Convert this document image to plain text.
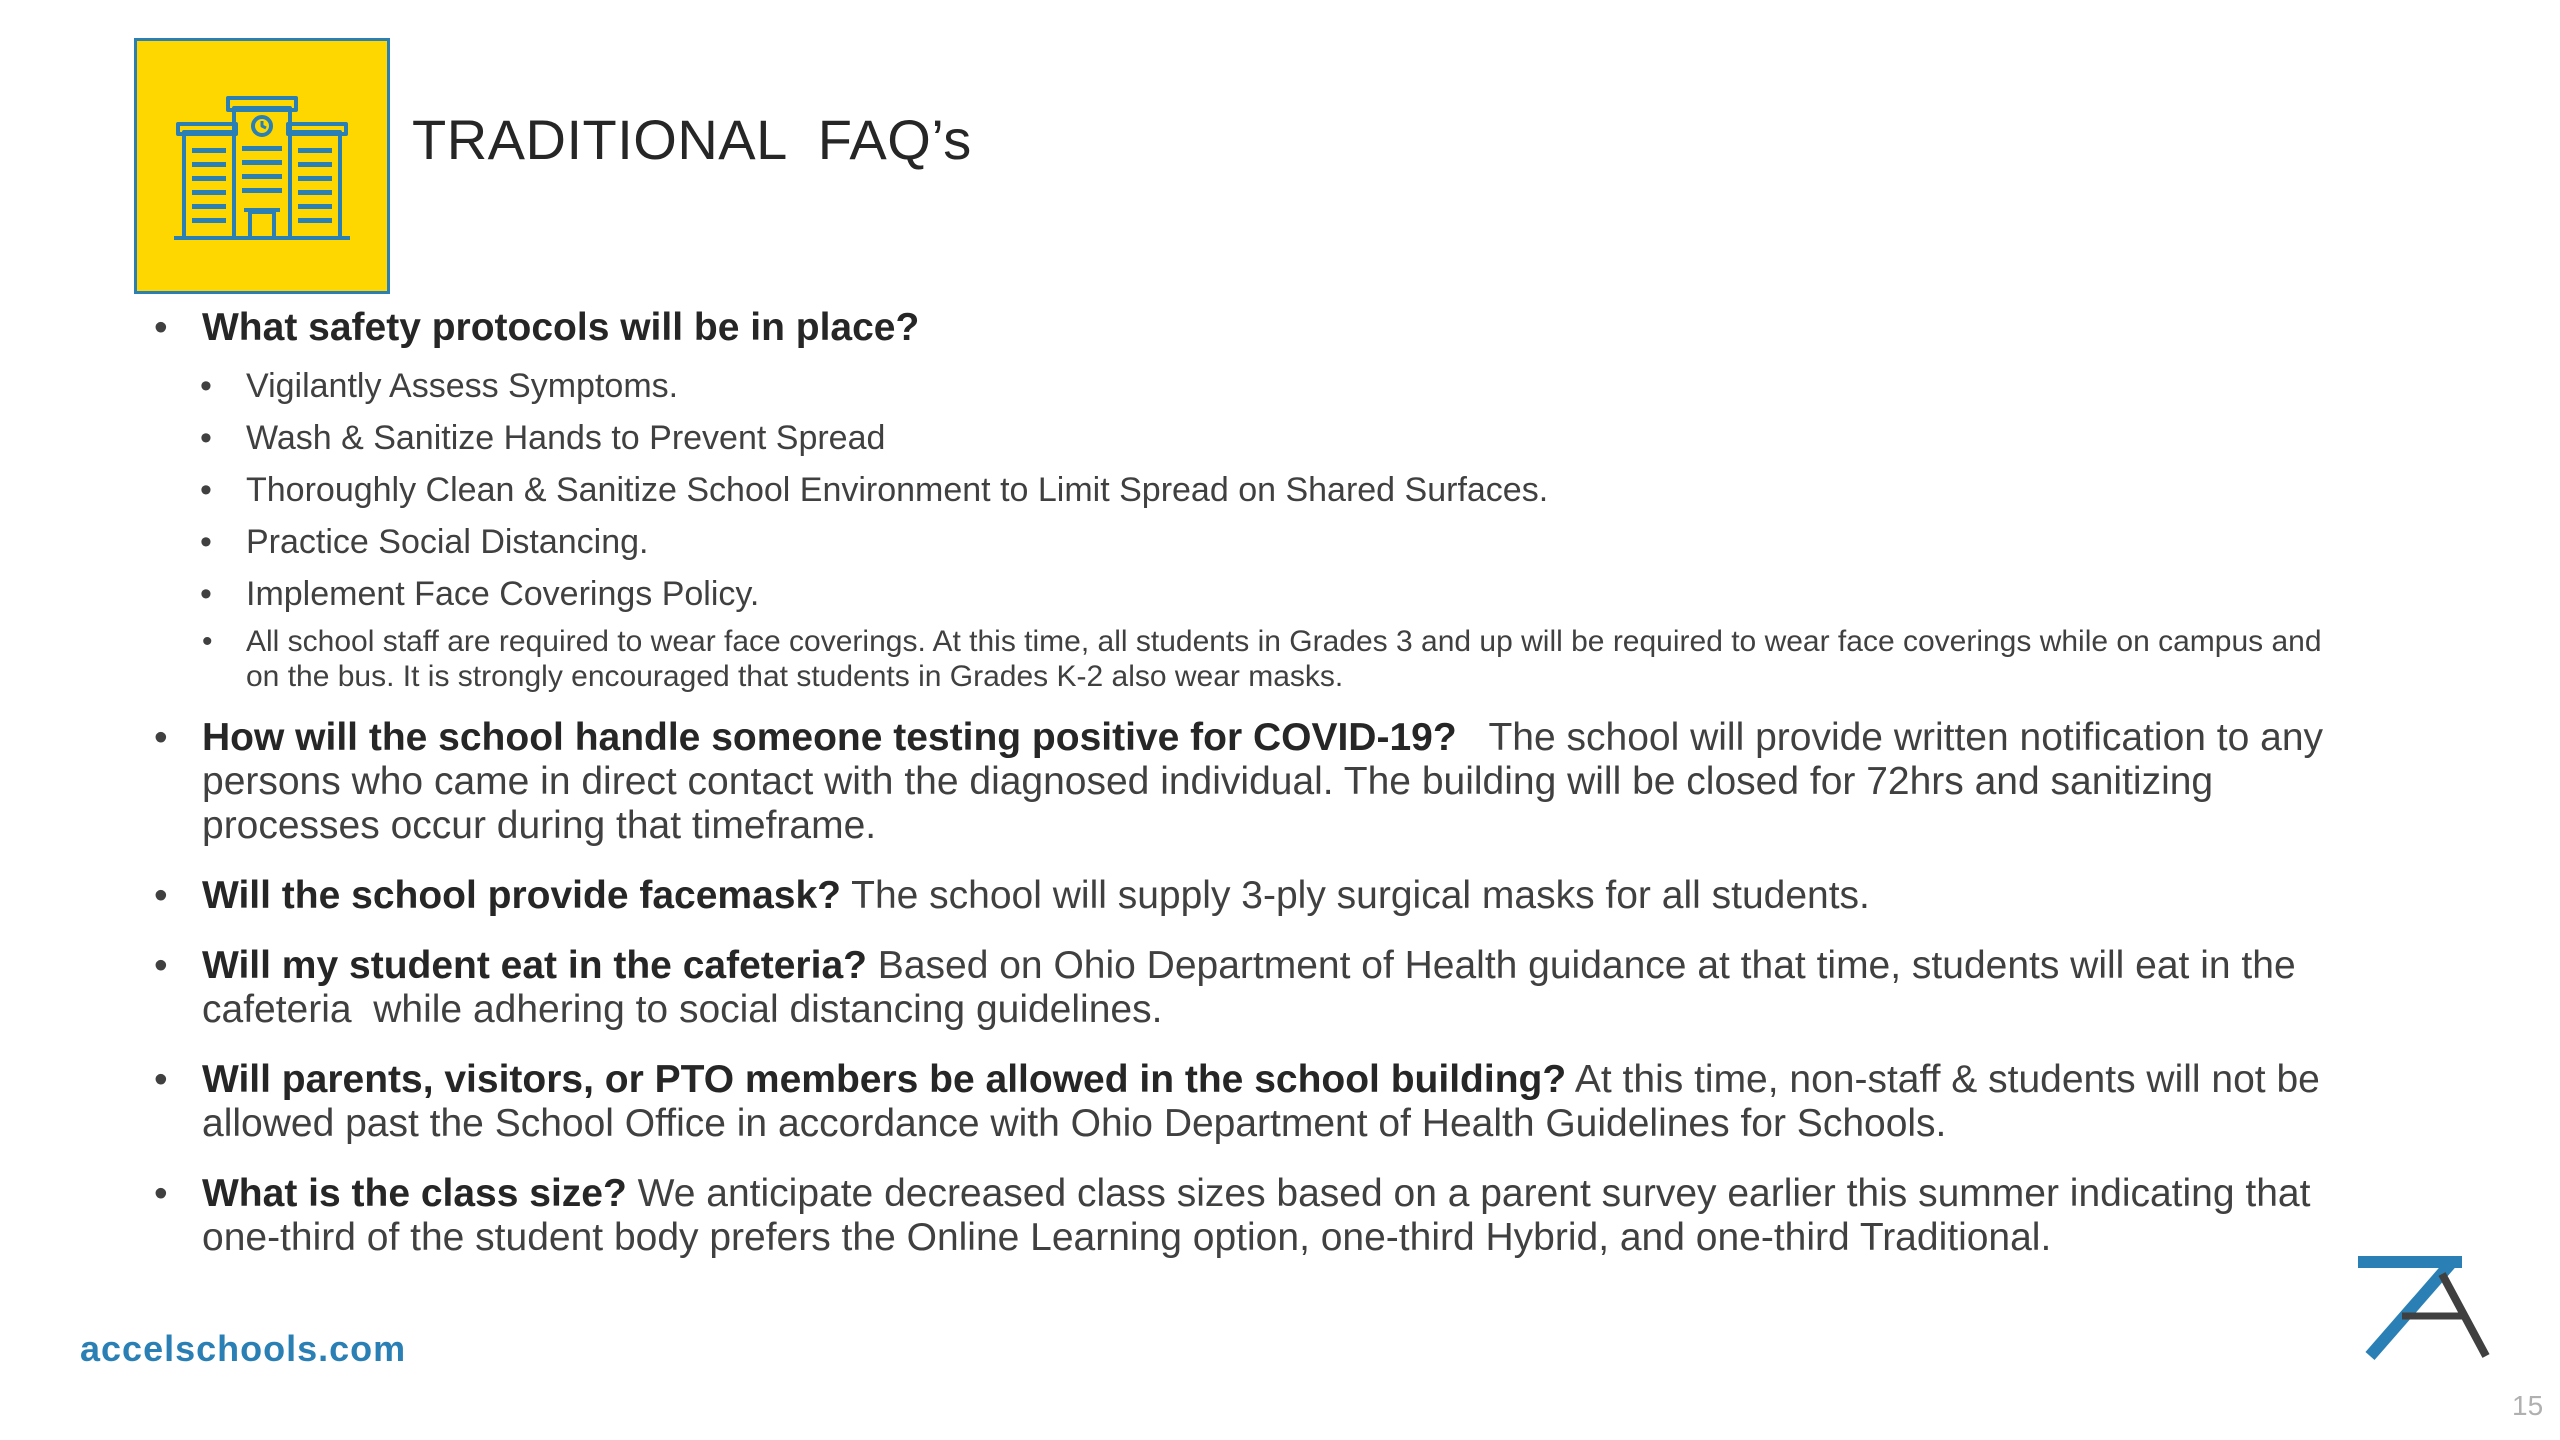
TRADITIONAL  FAQ’s
• What safety protocols will be in place?
• Vigilantly Assess Symptoms.
• Wash & Sanitize Hands to Prevent Spread
• Thoroughly Clean & Sanitize School Environment to Limit Spread on Shared Surfaces.
• Practice Social Distancing.
• Implement Face Coverings Policy.
• All school staff are required to wear face coverings. At this time, all students in Grades 3 and up will be required to wear face coverings while on campus and on the bus. It is strongly encouraged that students in Grades K-2 also wear masks.
• How will the school handle someone testing positive for COVID-19?   The school will provide written notification to any persons who came in direct contact with the diagnosed individual. The building will be closed for 72hrs and sanitizing processes occur during that timeframe.
• Will the school provide facemask? The school will supply 3-ply surgical masks for all students.
• Will my student eat in the cafeteria? Based on Ohio Department of Health guidance at that time, students will eat in the cafeteria  while adhering to social distancing guidelines.
• Will parents, visitors, or PTO members be allowed in the school building? At this time, non-staff & students will not be allowed past the School Office in accordance with Ohio Department of Health Guidelines for Schools.
• What is the class size? We anticipate decreased class sizes based on a parent survey earlier this summer indicating that one-third of the student body prefers the Online Learning option, one-third Hybrid, and one-third Traditional.
accelschools.com
15
